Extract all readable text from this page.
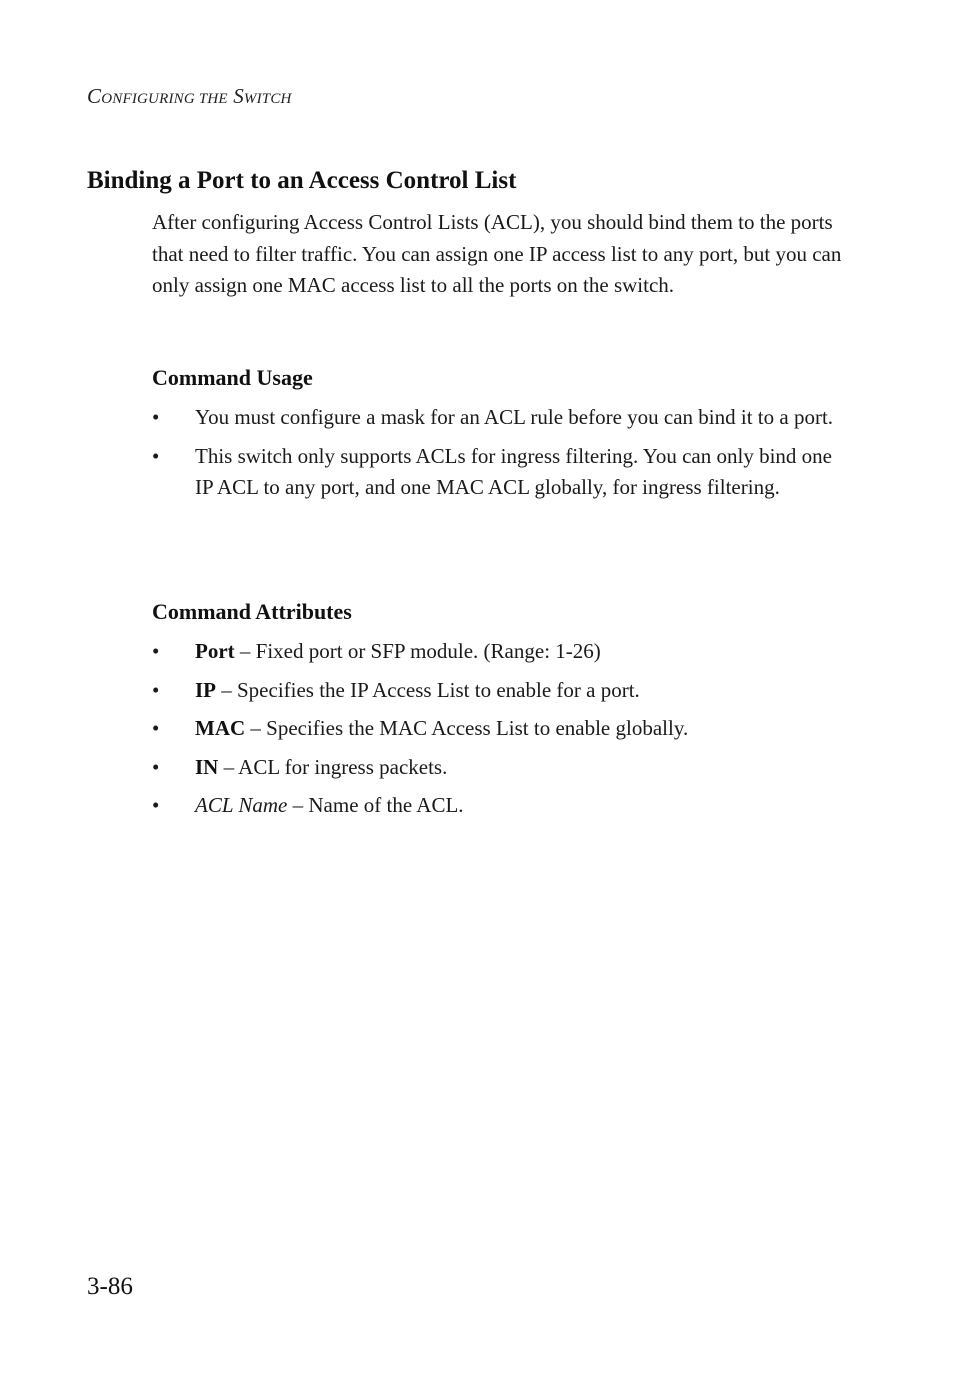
CONFIGURING THE SWITCH
Binding a Port to an Access Control List

After configuring Access Control Lists (ACL), you should bind them to the ports that need to filter traffic. You can assign one IP access list to any port, but you can only assign one MAC access list to all the ports on the switch.

Command Usage
• You must configure a mask for an ACL rule before you can bind it to a port.
• This switch only supports ACLs for ingress filtering. You can only bind one IP ACL to any port, and one MAC ACL globally, for ingress filtering.
Command Attributes
• Port – Fixed port or SFP module. (Range: 1-26)
• IP – Specifies the IP Access List to enable for a port.
• MAC – Specifies the MAC Access List to enable globally.
• IN – ACL for ingress packets.
• ACL Name – Name of the ACL.
3-86
